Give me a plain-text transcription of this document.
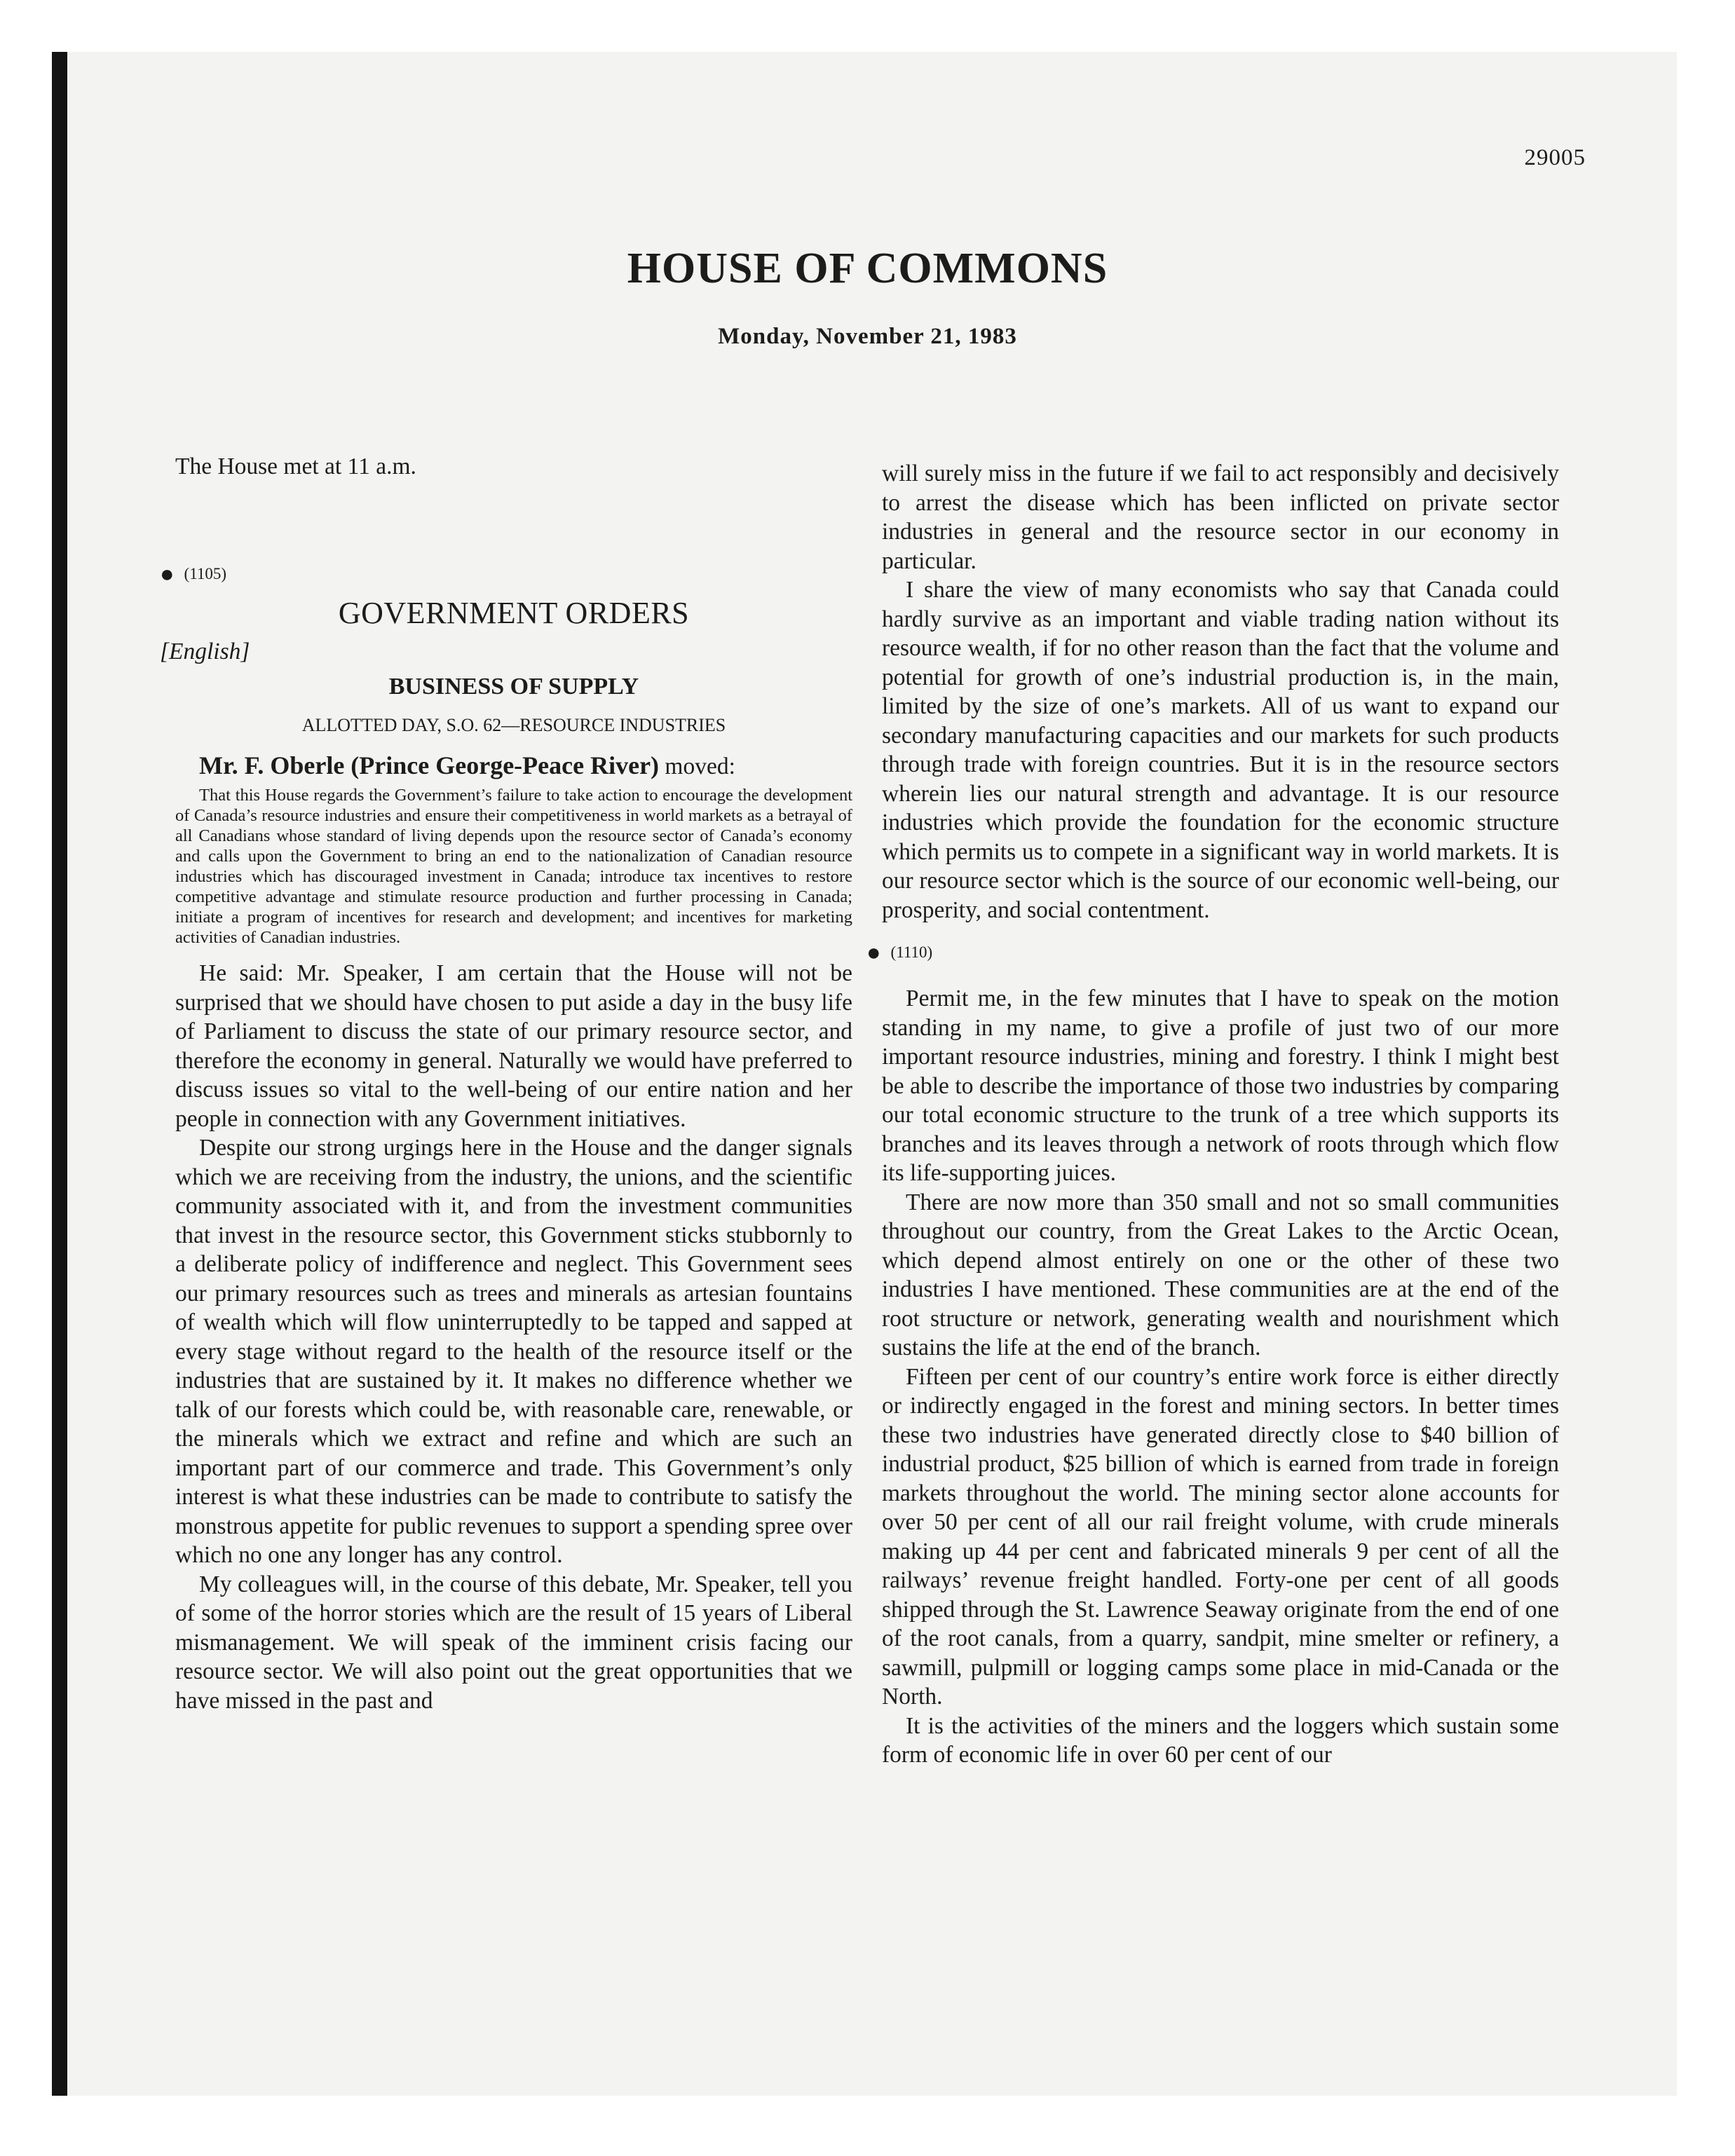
29005
HOUSE OF COMMONS
Monday, November 21, 1983

The House met at 11 a.m.

● (1105)

GOVERNMENT ORDERS

[English]

BUSINESS OF SUPPLY
ALLOTTED DAY, S.O. 62—RESOURCE INDUSTRIES

Mr. F. Oberle (Prince George-Peace River) moved:

That this House regards the Government’s failure to take action to encourage the development of Canada’s resource industries and ensure their competitiveness in world markets as a betrayal of all Canadians whose standard of living depends upon the resource sector of Canada’s economy and calls upon the Government to bring an end to the nationalization of Canadian resource industries which has discouraged investment in Canada; introduce tax incentives to restore competitive advantage and stimulate resource production and further processing in Canada; initiate a program of incentives for research and development; and incentives for marketing activities of Canadian industries.

He said: Mr. Speaker, I am certain that the House will not be surprised that we should have chosen to put aside a day in the busy life of Parliament to discuss the state of our primary resource sector, and therefore the economy in general. Naturally we would have preferred to discuss issues so vital to the well-being of our entire nation and her people in connection with any Government initiatives.

Despite our strong urgings here in the House and the danger signals which we are receiving from the industry, the unions, and the scientific community associated with it, and from the investment communities that invest in the resource sector, this Government sticks stubbornly to a deliberate policy of indifference and neglect. This Government sees our primary resources such as trees and minerals as artesian fountains of wealth which will flow uninterruptedly to be tapped and sapped at every stage without regard to the health of the resource itself or the industries that are sustained by it. It makes no difference whether we talk of our forests which could be, with reasonable care, renewable, or the minerals which we extract and refine and which are such an important part of our commerce and trade. This Government’s only interest is what these industries can be made to contribute to satisfy the monstrous appetite for public revenues to support a spending spree over which no one any longer has any control.

My colleagues will, in the course of this debate, Mr. Speaker, tell you of some of the horror stories which are the result of 15 years of Liberal mismanagement. We will speak of the imminent crisis facing our resource sector. We will also point out the great opportunities that we have missed in the past and

will surely miss in the future if we fail to act responsibly and decisively to arrest the disease which has been inflicted on private sector industries in general and the resource sector in our economy in particular.

I share the view of many economists who say that Canada could hardly survive as an important and viable trading nation without its resource wealth, if for no other reason than the fact that the volume and potential for growth of one’s industrial production is, in the main, limited by the size of one’s markets. All of us want to expand our secondary manufacturing capacities and our markets for such products through trade with foreign countries. But it is in the resource sectors wherein lies our natural strength and advantage. It is our resource industries which provide the foundation for the economic structure which permits us to compete in a significant way in world markets. It is our resource sector which is the source of our economic well-being, our prosperity, and social contentment.

● (1110)

Permit me, in the few minutes that I have to speak on the motion standing in my name, to give a profile of just two of our more important resource industries, mining and forestry. I think I might best be able to describe the importance of those two industries by comparing our total economic structure to the trunk of a tree which supports its branches and its leaves through a network of roots through which flow its life-supporting juices.

There are now more than 350 small and not so small communities throughout our country, from the Great Lakes to the Arctic Ocean, which depend almost entirely on one or the other of these two industries I have mentioned. These communities are at the end of the root structure or network, generating wealth and nourishment which sustains the life at the end of the branch.

Fifteen per cent of our country’s entire work force is either directly or indirectly engaged in the forest and mining sectors. In better times these two industries have generated directly close to $40 billion of industrial product, $25 billion of which is earned from trade in foreign markets throughout the world. The mining sector alone accounts for over 50 per cent of all our rail freight volume, with crude minerals making up 44 per cent and fabricated minerals 9 per cent of all the railways’ revenue freight handled. Forty-one per cent of all goods shipped through the St. Lawrence Seaway originate from the end of one of the root canals, from a quarry, sandpit, mine smelter or refinery, a sawmill, pulpmill or logging camps some place in mid-Canada or the North.

It is the activities of the miners and the loggers which sustain some form of economic life in over 60 per cent of our
